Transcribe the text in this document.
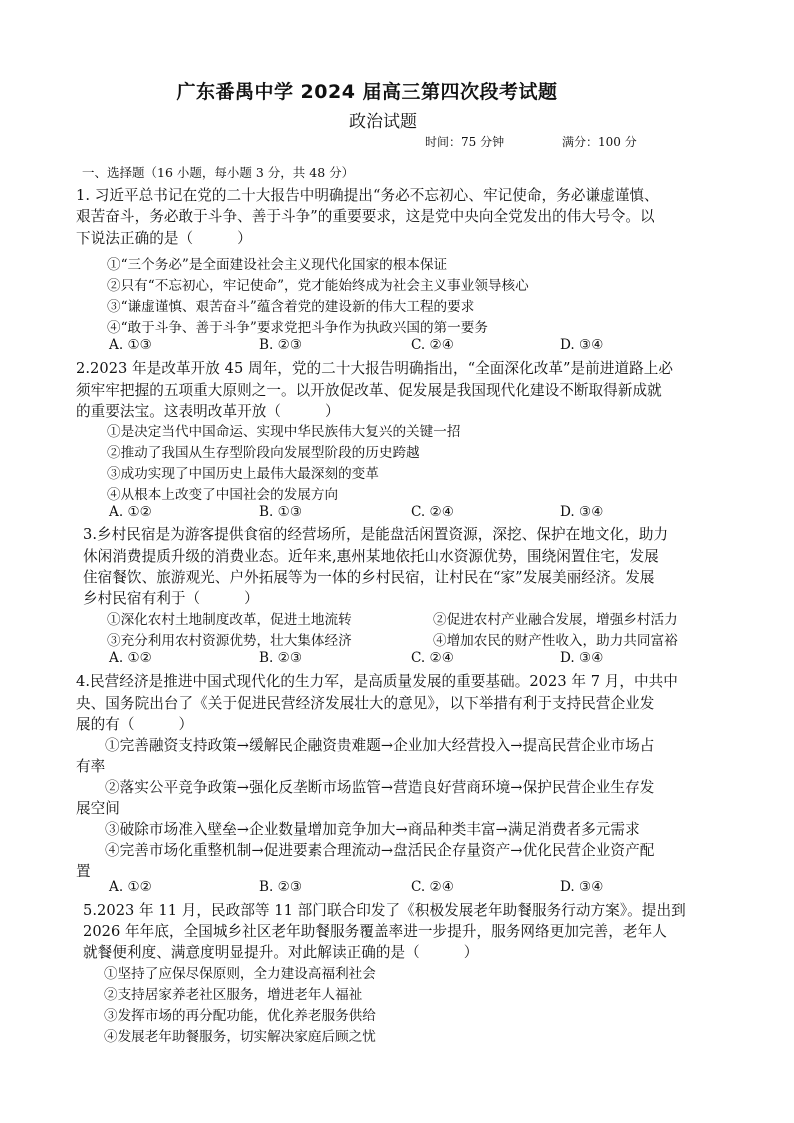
广东番禺中学 2024 届高三第四次段考试题
政治试题
时间：75 分钟	满分：100 分
一、选择题（16 小题，每小题 3 分，共 48 分）
1. 习近平总书记在党的二十大报告中明确提出“务必不忘初心、牢记使命，务必谦虚谨慎、
艰苦奋斗，务必敢于斗争、善于斗争”的重要要求，这是党中央向全党发出的伟大号令。以
下说法正确的是（　　　）
①“三个务必”是全面建设社会主义现代化国家的根本保证
②只有“不忘初心，牢记使命”，党才能始终成为社会主义事业领导核心
③“谦虚谨慎、艰苦奋斗”蕴含着党的建设新的伟大工程的要求
④“敢于斗争、善于斗争”要求党把斗争作为执政兴国的第一要务
A. ①③	B. ②③	C. ②④	D. ③④
2.2023 年是改革开放 45 周年，党的二十大报告明确指出，“全面深化改革”是前进道路上必
须牢牢把握的五项重大原则之一。以开放促改革、促发展是我国现代化建设不断取得新成就
的重要法宝。这表明改革开放（　　　）
①是决定当代中国命运、实现中华民族伟大复兴的关键一招
②推动了我国从生存型阶段向发展型阶段的历史跨越
③成功实现了中国历史上最伟大最深刻的变革
④从根本上改变了中国社会的发展方向
A. ①②	B. ①③	C. ②④	D. ③④
3.乡村民宿是为游客提供食宿的经营场所，是能盘活闲置资源，深挖、保护在地文化，助力
休闲消费提质升级的消费业态。近年来,惠州某地依托山水资源优势，围绕闲置住宅，发展
住宿餐饮、旅游观光、户外拓展等为一体的乡村民宿，让村民在“家”发展美丽经济。发展
乡村民宿有利于（　　　）
①深化农村土地制度改革，促进土地流转	②促进农村产业融合发展，增强乡村活力
③充分利用农村资源优势，壮大集体经济	④增加农民的财产性收入，助力共同富裕
A. ①②	B. ②③	C. ②④	D. ③④
4.民营经济是推进中国式现代化的生力军，是高质量发展的重要基础。2023 年 7 月，中共中
央、国务院出台了《关于促进民营经济发展壮大的意见》，以下举措有利于支持民营企业发
展的有（　　　）
①完善融资支持政策→缓解民企融资贵难题→企业加大经营投入→提高民营企业市场占
有率
②落实公平竞争政策→强化反垄断市场监管→营造良好营商环境→保护民营企业生存发
展空间
③破除市场准入壁垒→企业数量增加竞争加大→商品种类丰富→满足消费者多元需求
④完善市场化重整机制→促进要素合理流动→盘活民企存量资产→优化民营企业资产配
置
A. ①②	B. ②③	C. ②④	D. ③④
5.2023 年 11 月，民政部等 11 部门联合印发了《积极发展老年助餐服务行动方案》。提出到
2026 年年底，全国城乡社区老年助餐服务覆盖率进一步提升，服务网络更加完善，老年人
就餐便利度、满意度明显提升。对此解读正确的是（　　　）
①坚持了应保尽保原则，全力建设高福利社会
②支持居家养老社区服务，增进老年人福祉
③发挥市场的再分配功能，优化养老服务供给
④发展老年助餐服务，切实解决家庭后顾之忧
